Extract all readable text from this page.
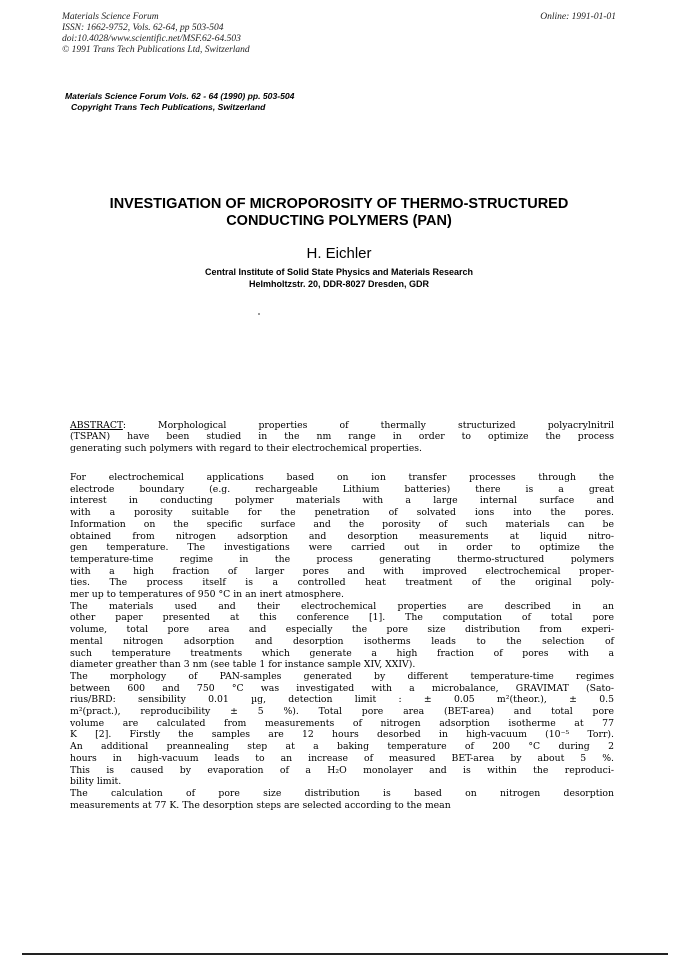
Materials Science Forum
ISSN: 1662-9752, Vols. 62-64, pp 503-504
doi:10.4028/www.scientific.net/MSF.62-64.503
© 1991 Trans Tech Publications Ltd, Switzerland
Online: 1991-01-01
Materials Science Forum Vols. 62 - 64 (1990) pp. 503-504
Copyright Trans Tech Publications, Switzerland
INVESTIGATION OF MICROPOROSITY OF THERMO-STRUCTURED
CONDUCTING POLYMERS (PAN)
H. Eichler
Central Institute of Solid State Physics and Materials Research
Helmholtzstr. 20, DDR-8027 Dresden, GDR
ABSTRACT: Morphological properties of thermally structurized polyacrylnitril
(TSPAN) have been studied in the nm range in order to optimize the process
generating such polymers with regard to their electrochemical properties.
For electrochemical applications based on ion transfer processes through the
electrode boundary (e.g. rechargeable Lithium batteries) there is a great
interest in conducting polymer materials with a large internal surface and
with a porosity suitable for the penetration of solvated ions into the pores.
Information on the specific surface and the porosity of such materials can be
obtained from nitrogen adsorption and desorption measurements at liquid nitro-
gen temperature. The investigations were carried out in order to optimize the
temperature-time regime in the process generating thermo-structured polymers
with a high fraction of larger pores and with improved electrochemical proper-
ties. The process itself is a controlled heat treatment of the original poly-
mer up to temperatures of 950 °C in an inert atmosphere.
The materials used and their electrochemical properties are described in an
other paper presented at this conference [1]. The computation of total pore
volume, total pore area and especially the pore size distribution from experi-
mental nitrogen adsorption and desorption isotherms leads to the selection of
such temperature treatments which generate a high fraction of pores with a
diameter greather than 3 nm (see table 1 for instance sample XIV, XXIV).
The morphology of PAN-samples generated by different temperature-time regimes
between 600 and 750 °C was investigated with a microbalance, GRAVIMAT (Sato-
rius/BRD: sensibility 0.01 µg, detection limit : ± 0.05 m²(theor.), ± 0.5
m²(pract.), reproducibility ± 5 %). Total pore area (BET-area) and total pore
volume are calculated from measurements of nitrogen adsorption isotherme at 77
K [2]. Firstly the samples are 12 hours desorbed in high-vacuum (10⁻⁵ Torr).
An additional preannealing step at a baking temperature of 200 °C during 2
hours in high-vacuum leads to an increase of measured BET-area by about 5 %.
This is caused by evaporation of a H₂O monolayer and is within the reproduci-
bility limit.
The calculation of pore size distribution is based on nitrogen desorption
measurements at 77 K. The desorption steps are selected according to the mean
